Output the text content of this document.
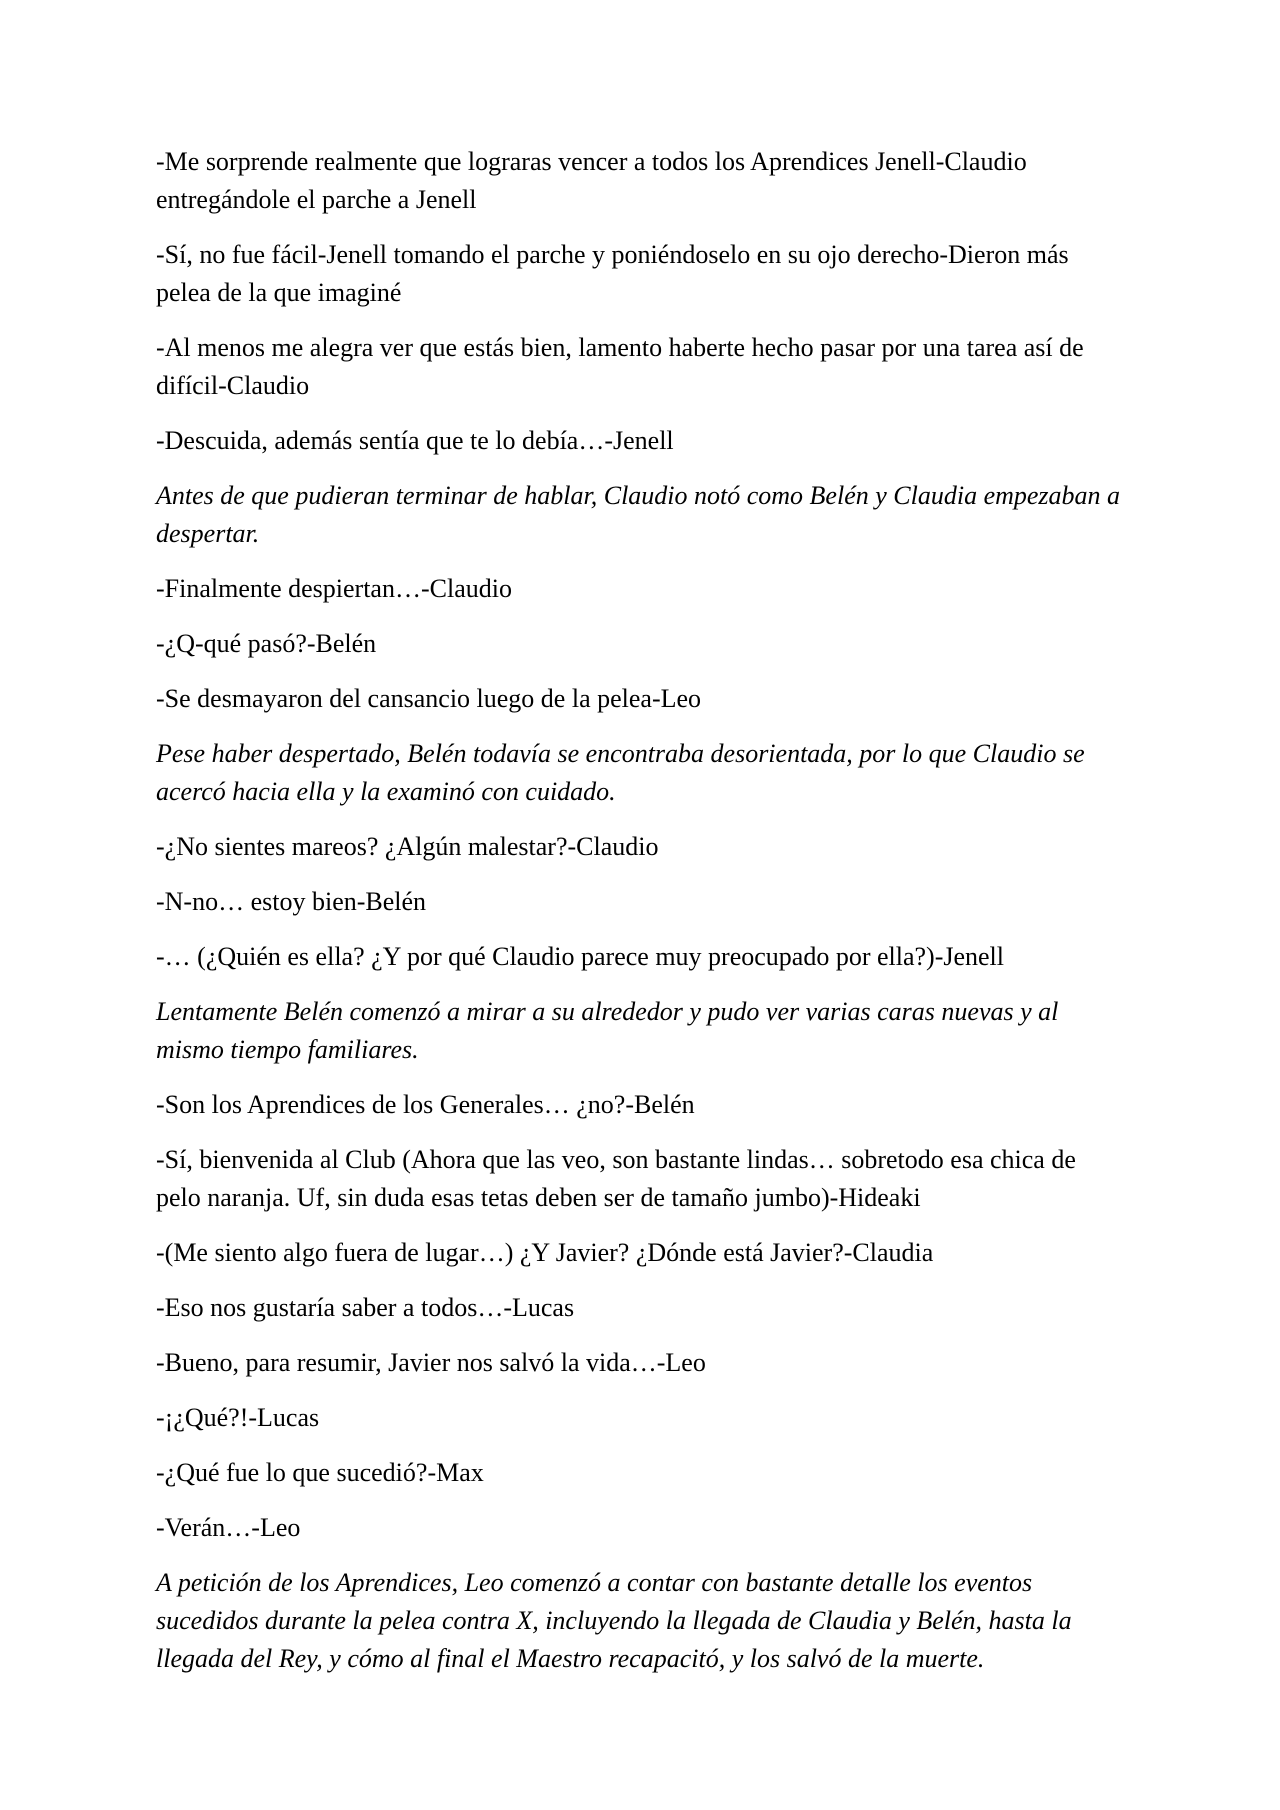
-Me sorprende realmente que lograras vencer a todos los Aprendices Jenell-Claudio entregándole el parche a Jenell

-Sí, no fue fácil-Jenell tomando el parche y poniéndoselo en su ojo derecho-Dieron más pelea de la que imaginé

-Al menos me alegra ver que estás bien, lamento haberte hecho pasar por una tarea así de difícil-Claudio

-Descuida, además sentía que te lo debía…-Jenell

Antes de que pudieran terminar de hablar, Claudio notó como Belén y Claudia empezaban a despertar.

-Finalmente despiertan…-Claudio

-¿Q-qué pasó?-Belén

-Se desmayaron del cansancio luego de la pelea-Leo

Pese haber despertado, Belén todavía se encontraba desorientada, por lo que Claudio se acercó hacia ella y la examinó con cuidado.

-¿No sientes mareos? ¿Algún malestar?-Claudio

-N-no… estoy bien-Belén

-… (¿Quién es ella? ¿Y por qué Claudio parece muy preocupado por ella?)-Jenell

Lentamente Belén comenzó a mirar a su alrededor y pudo ver varias caras nuevas y al mismo tiempo familiares.

-Son los Aprendices de los Generales… ¿no?-Belén

-Sí, bienvenida al Club (Ahora que las veo, son bastante lindas… sobretodo esa chica de pelo naranja. Uf, sin duda esas tetas deben ser de tamaño jumbo)-Hideaki

-(Me siento algo fuera de lugar…) ¿Y Javier? ¿Dónde está Javier?-Claudia

-Eso nos gustaría saber a todos…-Lucas

-Bueno, para resumir, Javier nos salvó la vida…-Leo

-¡¿Qué?!-Lucas

-¿Qué fue lo que sucedió?-Max

-Verán…-Leo

A petición de los Aprendices, Leo comenzó a contar con bastante detalle los eventos sucedidos durante la pelea contra X, incluyendo la llegada de Claudia y Belén, hasta la llegada del Rey, y cómo al final el Maestro recapacitó, y los salvó de la muerte.
